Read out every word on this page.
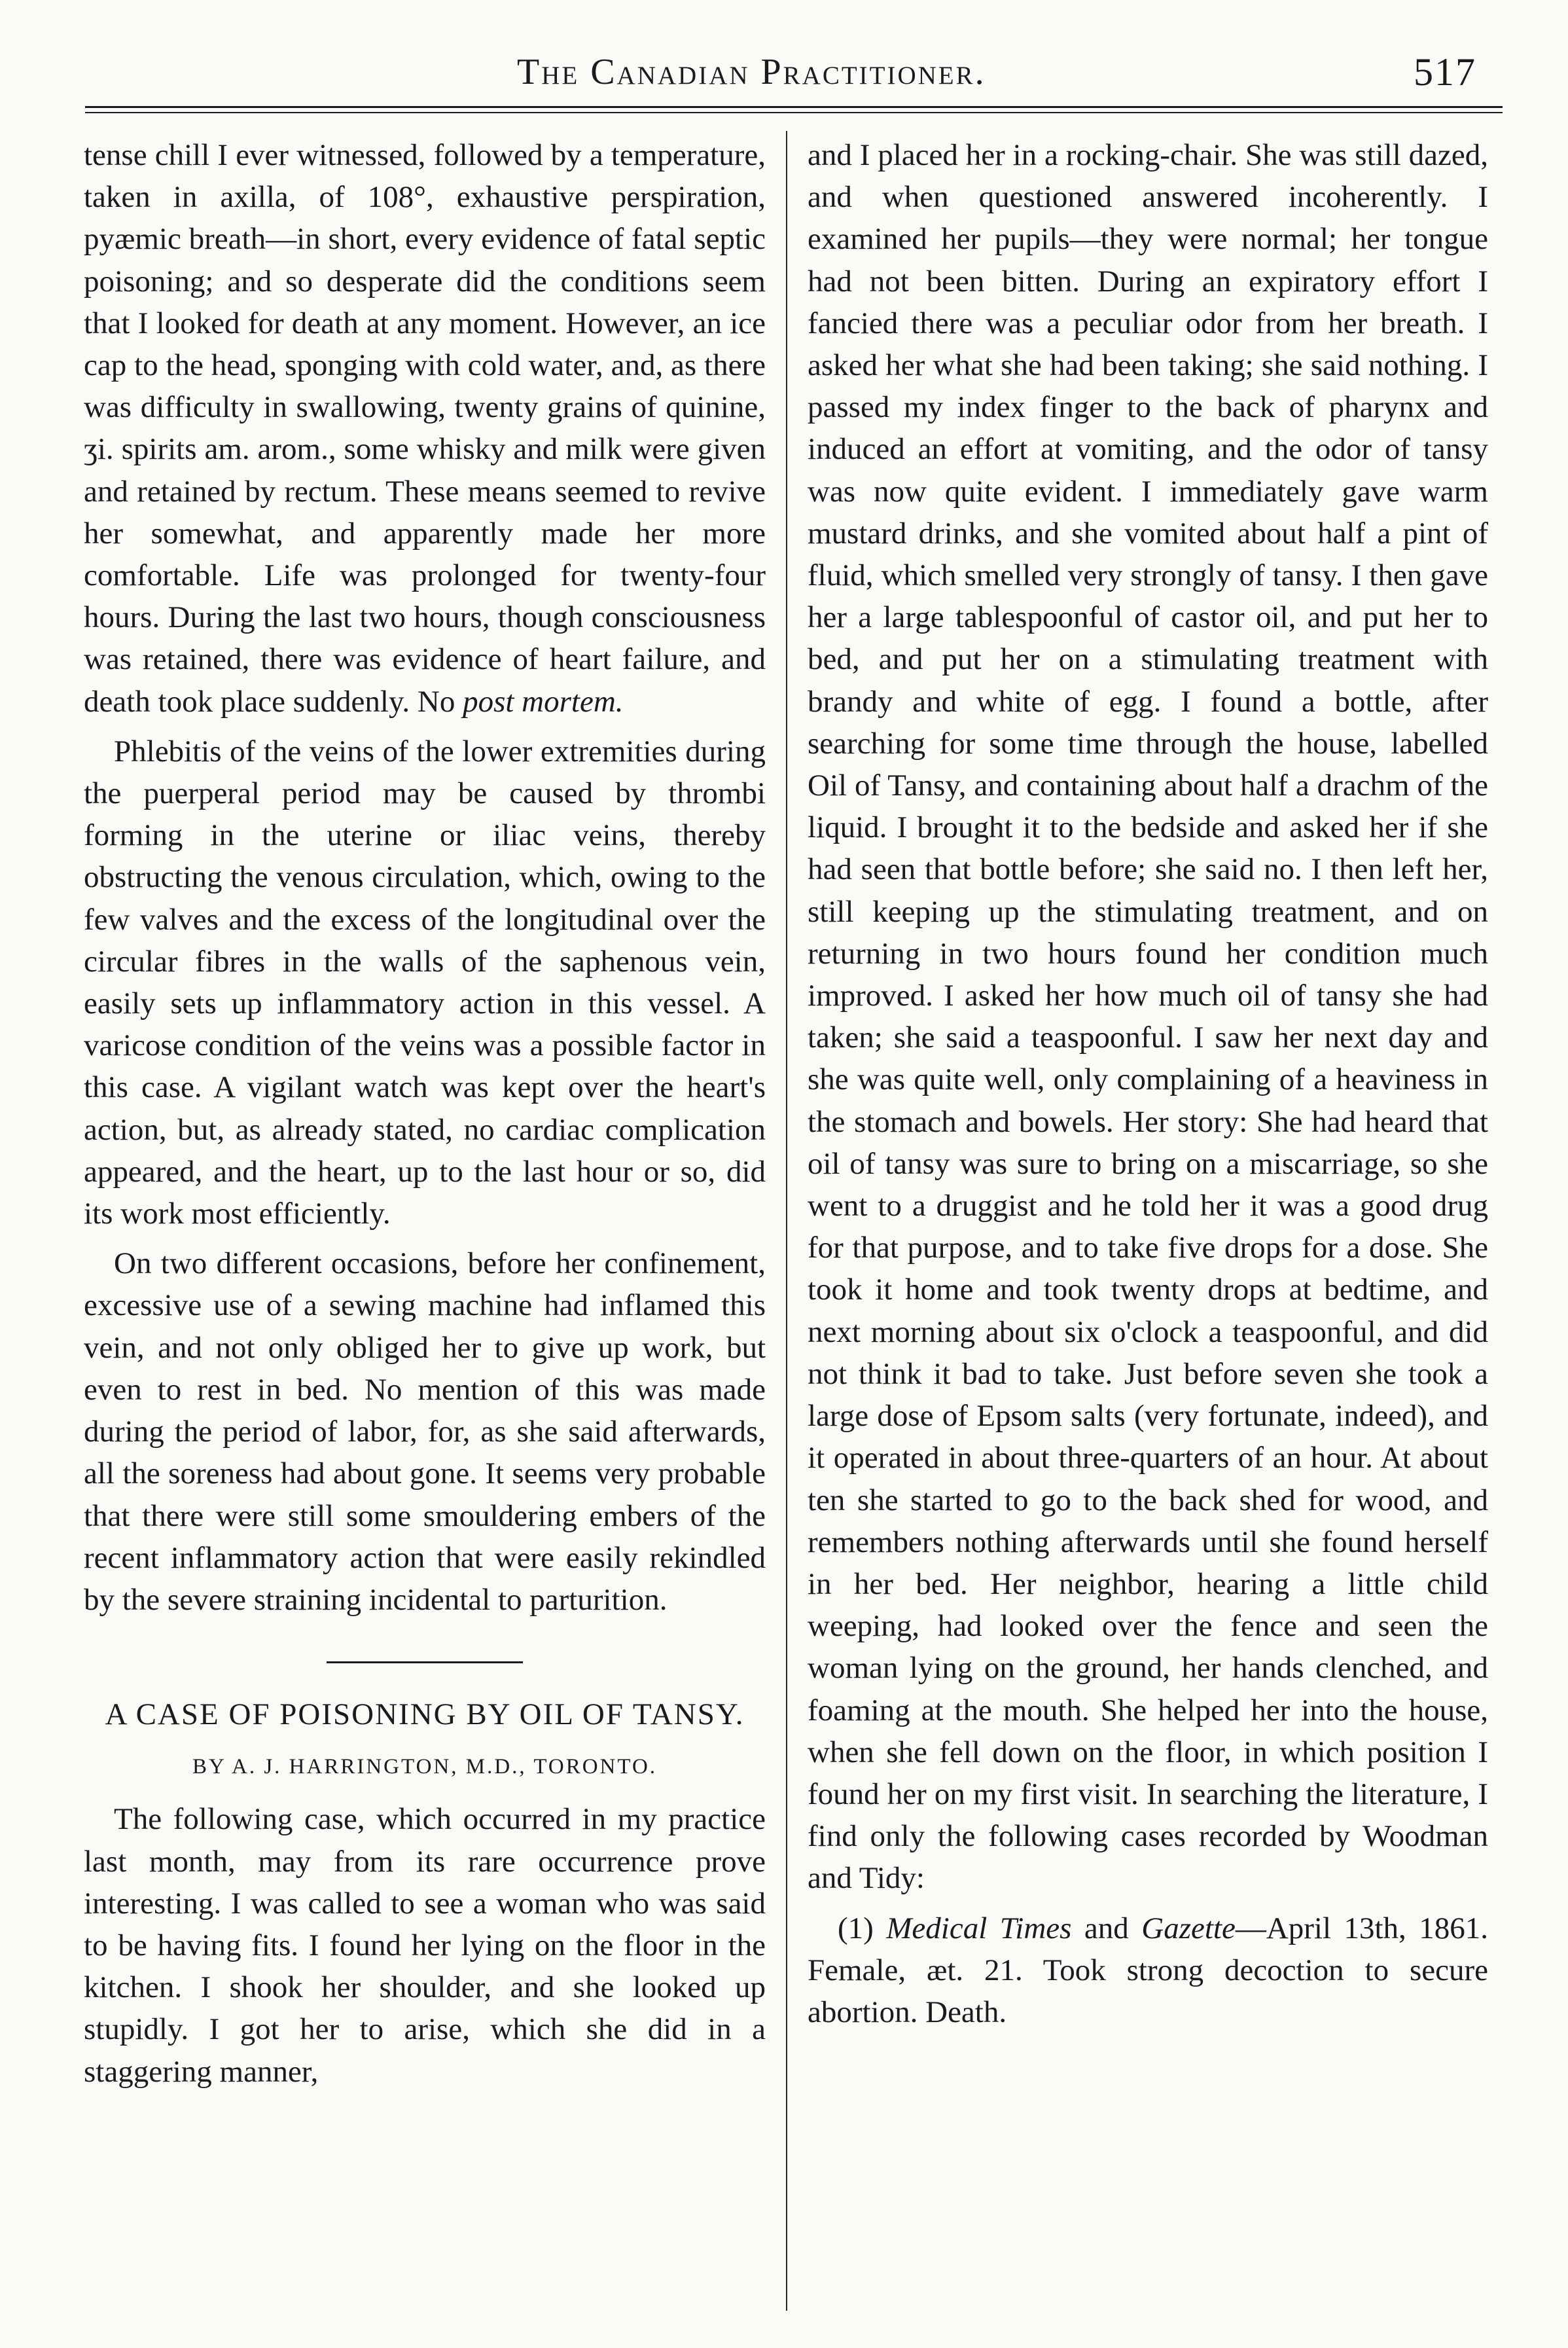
The Canadian Practitioner.	517

tense chill I ever witnessed, followed by a temperature, taken in axilla, of 108°, exhaustive perspiration, pyæmic breath—in short, every evidence of fatal septic poisoning; and so desperate did the conditions seem that I looked for death at any moment. However, an ice cap to the head, sponging with cold water, and, as there was difficulty in swallowing, twenty grains of quinine, ʒi. spirits am. arom., some whisky and milk were given and retained by rectum. These means seemed to revive her somewhat, and apparently made her more comfortable. Life was prolonged for twenty-four hours. During the last two hours, though consciousness was retained, there was evidence of heart failure, and death took place suddenly. No post mortem.

Phlebitis of the veins of the lower extremities during the puerperal period may be caused by thrombi forming in the uterine or iliac veins, thereby obstructing the venous circulation, which, owing to the few valves and the excess of the longitudinal over the circular fibres in the walls of the saphenous vein, easily sets up inflammatory action in this vessel. A varicose condition of the veins was a possible factor in this case. A vigilant watch was kept over the heart's action, but, as already stated, no cardiac complication appeared, and the heart, up to the last hour or so, did its work most efficiently.

On two different occasions, before her confinement, excessive use of a sewing machine had inflamed this vein, and not only obliged her to give up work, but even to rest in bed. No mention of this was made during the period of labor, for, as she said afterwards, all the soreness had about gone. It seems very probable that there were still some smouldering embers of the recent inflammatory action that were easily rekindled by the severe straining incidental to parturition.

A CASE OF POISONING BY OIL OF TANSY.
BY A. J. HARRINGTON, M.D., TORONTO.

The following case, which occurred in my practice last month, may from its rare occurrence prove interesting. I was called to see a woman who was said to be having fits. I found her lying on the floor in the kitchen. I shook her shoulder, and she looked up stupidly. I got her to arise, which she did in a staggering manner,

and I placed her in a rocking-chair. She was still dazed, and when questioned answered incoherently. I examined her pupils—they were normal; her tongue had not been bitten. During an expiratory effort I fancied there was a peculiar odor from her breath. I asked her what she had been taking; she said nothing. I passed my index finger to the back of pharynx and induced an effort at vomiting, and the odor of tansy was now quite evident. I immediately gave warm mustard drinks, and she vomited about half a pint of fluid, which smelled very strongly of tansy. I then gave her a large tablespoonful of castor oil, and put her to bed, and put her on a stimulating treatment with brandy and white of egg. I found a bottle, after searching for some time through the house, labelled Oil of Tansy, and containing about half a drachm of the liquid. I brought it to the bedside and asked her if she had seen that bottle before; she said no. I then left her, still keeping up the stimulating treatment, and on returning in two hours found her condition much improved. I asked her how much oil of tansy she had taken; she said a teaspoonful. I saw her next day and she was quite well, only complaining of a heaviness in the stomach and bowels. Her story: She had heard that oil of tansy was sure to bring on a miscarriage, so she went to a druggist and he told her it was a good drug for that purpose, and to take five drops for a dose. She took it home and took twenty drops at bedtime, and next morning about six o'clock a teaspoonful, and did not think it bad to take. Just before seven she took a large dose of Epsom salts (very fortunate, indeed), and it operated in about three-quarters of an hour. At about ten she started to go to the back shed for wood, and remembers nothing afterwards until she found herself in her bed. Her neighbor, hearing a little child weeping, had looked over the fence and seen the woman lying on the ground, her hands clenched, and foaming at the mouth. She helped her into the house, when she fell down on the floor, in which position I found her on my first visit. In searching the literature, I find only the following cases recorded by Woodman and Tidy:

(1) Medical Times and Gazette—April 13th, 1861. Female, æt. 21. Took strong decoction to secure abortion. Death.
